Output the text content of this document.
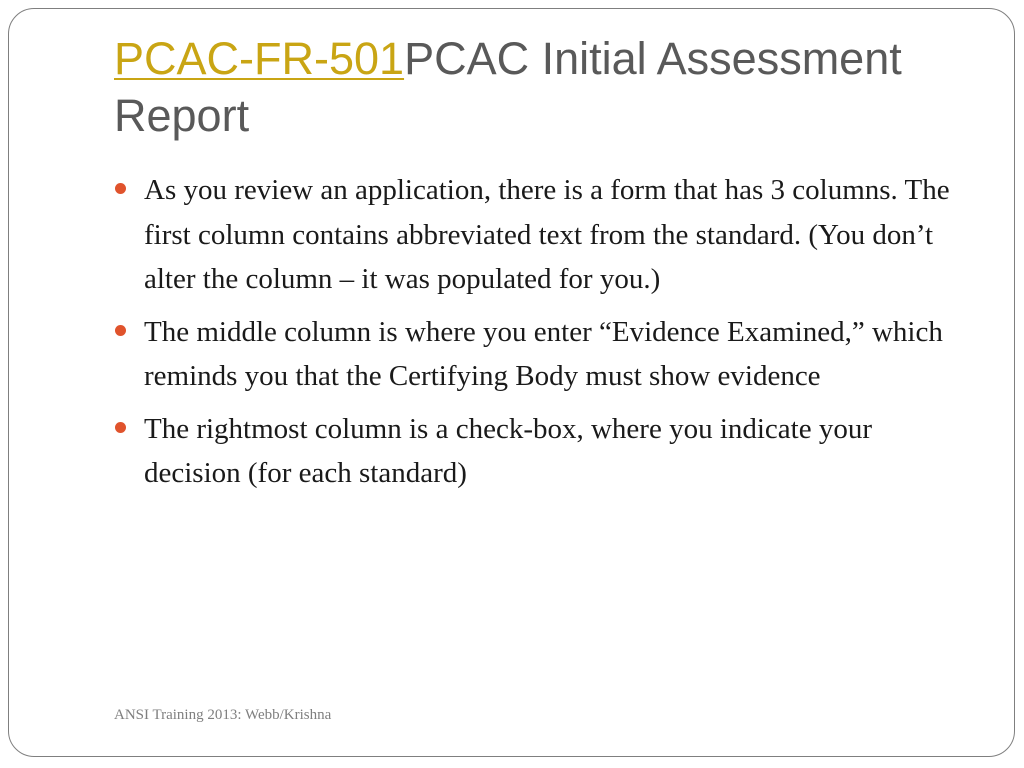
PCAC-FR-501PCAC Initial Assessment Report
As you review an application, there is a form that has 3 columns. The first column contains abbreviated text from the standard. (You don’t alter the column – it was populated for you.)
The middle column is where you enter “Evidence Examined,” which reminds you that the Certifying Body must show evidence
The rightmost column is a check-box, where you indicate your decision (for each standard)
ANSI Training 2013: Webb/Krishna
